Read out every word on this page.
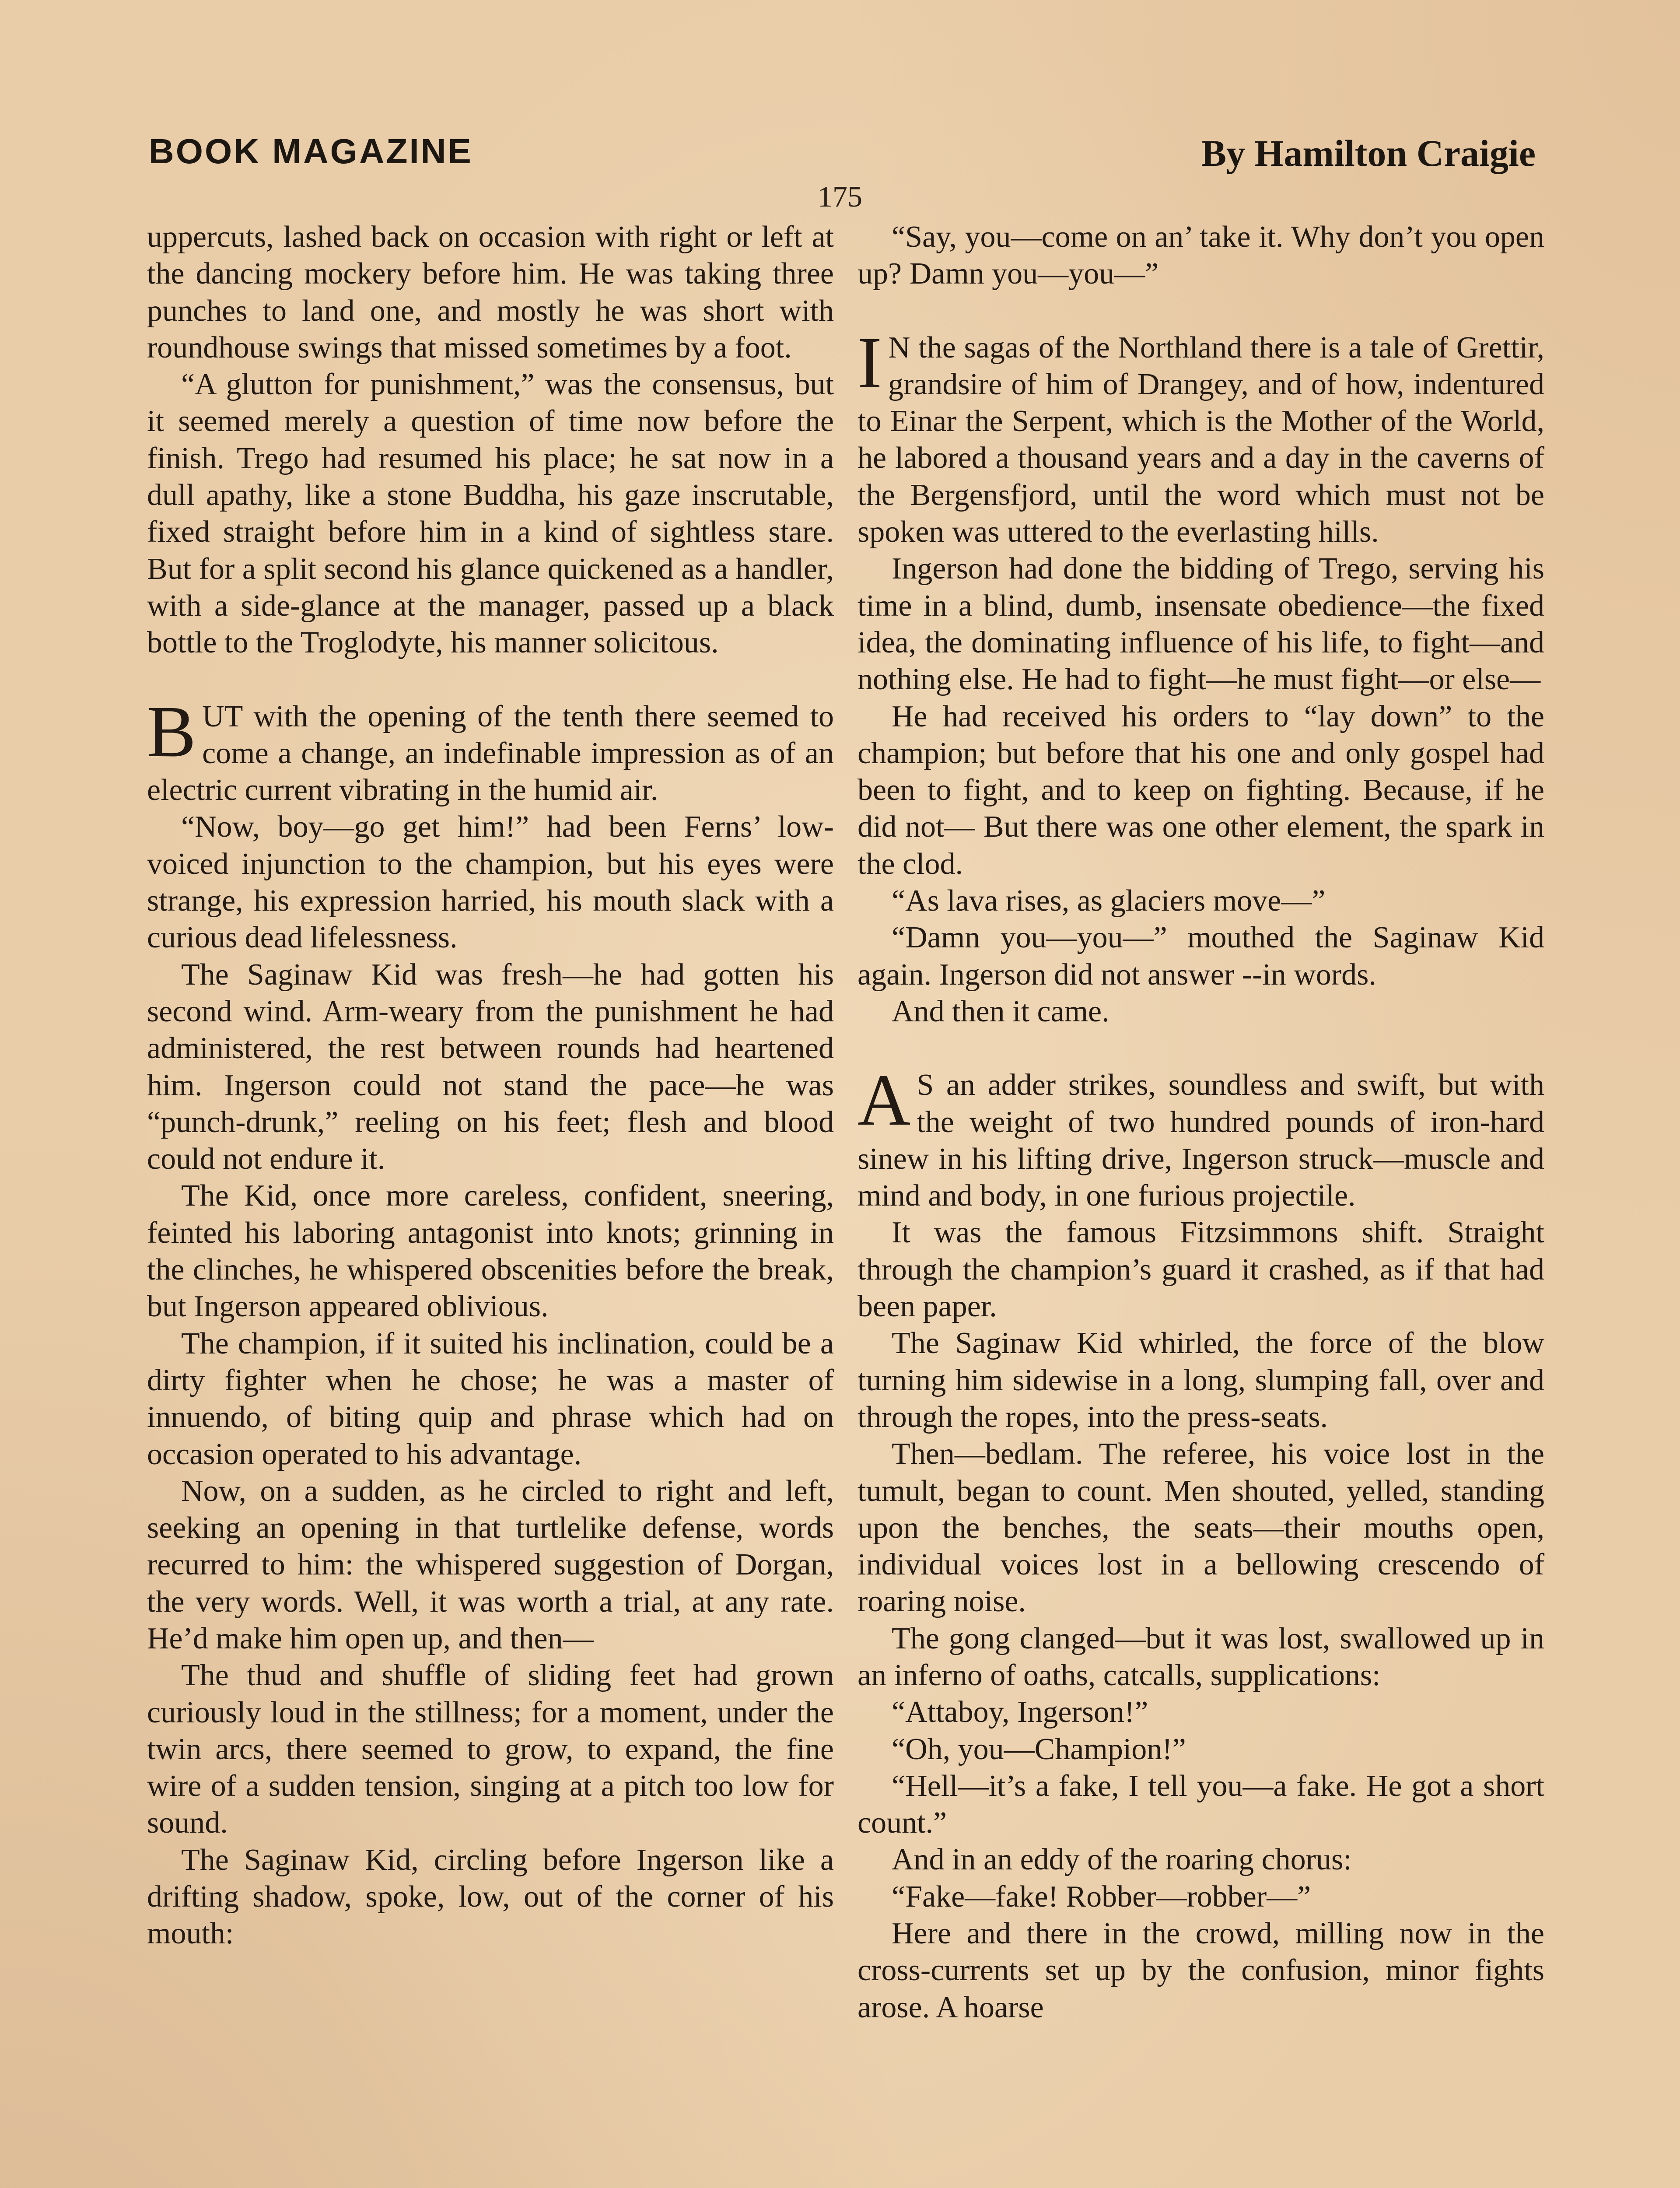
BOOK MAGAZINE	By Hamilton Craigie
175

uppercuts, lashed back on occasion with right or left at the dancing mockery before him. He was taking three punches to land one, and mostly he was short with roundhouse swings that missed sometimes by a foot.

“A glutton for punishment,” was the consensus, but it seemed merely a question of time now before the finish. Trego had resumed his place; he sat now in a dull apathy, like a stone Buddha, his gaze inscrutable, fixed straight before him in a kind of sightless stare. But for a split second his glance quickened as a handler, with a side-glance at the manager, passed up a black bottle to the Troglodyte, his manner solicitous.

BUT with the opening of the tenth there seemed to come a change, an indefinable impression as of an electric current vibrating in the humid air.

“Now, boy—go get him!” had been Ferns’ low-voiced injunction to the champion, but his eyes were strange, his expression harried, his mouth slack with a curious dead lifelessness.

The Saginaw Kid was fresh—he had gotten his second wind. Arm-weary from the punishment he had administered, the rest between rounds had heartened him. Ingerson could not stand the pace—he was “punch-drunk,” reeling on his feet; flesh and blood could not endure it.

The Kid, once more careless, confident, sneering, feinted his laboring antagonist into knots; grinning in the clinches, he whispered obscenities before the break, but Ingerson appeared oblivious.

The champion, if it suited his inclination, could be a dirty fighter when he chose; he was a master of innuendo, of biting quip and phrase which had on occasion operated to his advantage.

Now, on a sudden, as he circled to right and left, seeking an opening in that turtlelike defense, words recurred to him: the whispered suggestion of Dorgan, the very words. Well, it was worth a trial, at any rate. He’d make him open up, and then—

The thud and shuffle of sliding feet had grown curiously loud in the stillness; for a moment, under the twin arcs, there seemed to grow, to expand, the fine wire of a sudden tension, singing at a pitch too low for sound.

The Saginaw Kid, circling before Ingerson like a drifting shadow, spoke, low, out of the corner of his mouth:

“Say, you—come on an’ take it. Why don’t you open up? Damn you—you—”

I N the sagas of the Northland there is a tale of Grettir, grandsire of him of Drangey, and of how, indentured to Einar the Serpent, which is the Mother of the World, he labored a thousand years and a day in the caverns of the Bergensfjord, until the word which must not be spoken was uttered to the everlasting hills.

Ingerson had done the bidding of Trego, serving his time in a blind, dumb, insensate obedience—the fixed idea, the dominating influence of his life, to fight—and nothing else. He had to fight—he must fight—or else—

He had received his orders to “lay down” to the champion; but before that his one and only gospel had been to fight, and to keep on fighting. Because, if he did not— But there was one other element, the spark in the clod.

“As lava rises, as glaciers move—”

“Damn you—you—” mouthed the Saginaw Kid again. Ingerson did not answer --in words.

And then it came.

A S an adder strikes, soundless and swift, but with the weight of two hundred pounds of iron-hard sinew in his lifting drive, Ingerson struck—muscle and mind and body, in one furious projectile.

It was the famous Fitzsimmons shift. Straight through the champion’s guard it crashed, as if that had been paper.

The Saginaw Kid whirled, the force of the blow turning him sidewise in a long, slumping fall, over and through the ropes, into the press-seats.

Then—bedlam. The referee, his voice lost in the tumult, began to count. Men shouted, yelled, standing upon the benches, the seats—their mouths open, individual voices lost in a bellowing crescendo of roaring noise.

The gong clanged—but it was lost, swallowed up in an inferno of oaths, catcalls, supplications:

“Attaboy, Ingerson!”

“Oh, you—Champion!”

“Hell—it’s a fake, I tell you—a fake. He got a short count.”

And in an eddy of the roaring chorus:

“Fake—fake! Robber—robber—”

Here and there in the crowd, milling now in the cross-currents set up by the confusion, minor fights arose. A hoarse
